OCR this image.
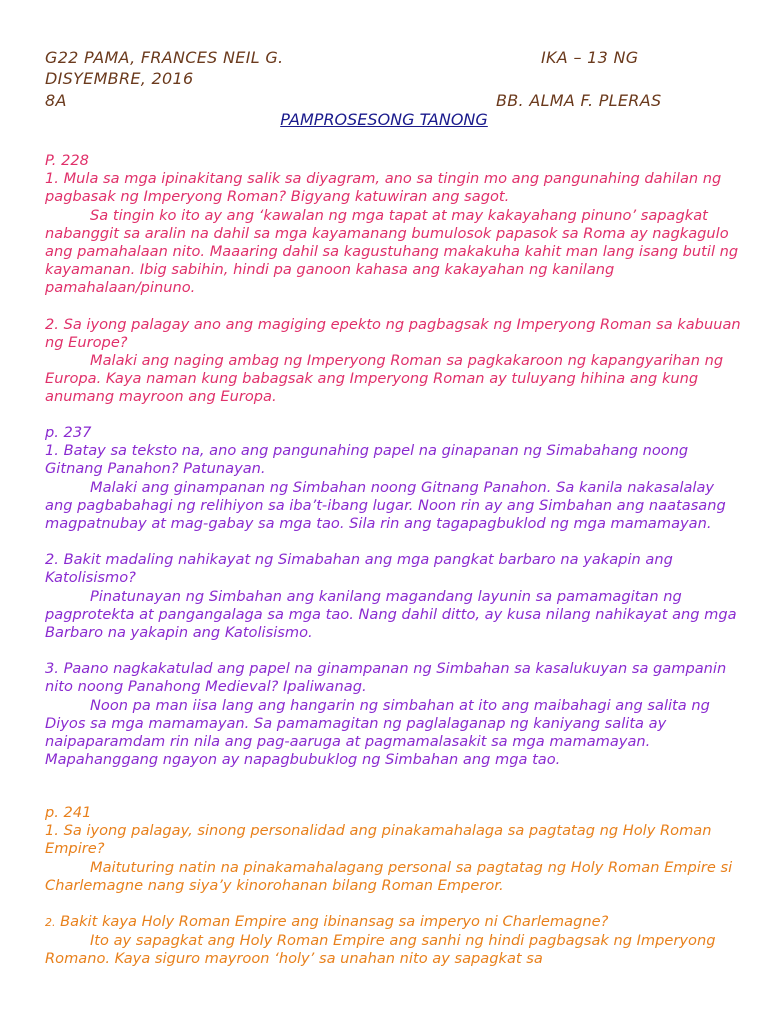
G22 PAMA, FRANCES NEIL G.	IKA – 13 NG
DISYEMBRE, 2016
8A	BB. ALMA F. PLERAS
PAMPROSESONG TANONG

P. 228

1. Mula sa mga ipinakitang salik sa diyagram, ano sa tingin mo ang pangunahing dahilan ng pagbasak ng Imperyong Roman? Bigyang katuwiran ang sagot.

Sa tingin ko ito ay ang ‘kawalan ng mga tapat at may kakayahang pinuno’ sapagkat nabanggit sa aralin na dahil sa mga kayamanang bumulosok papasok sa Roma ay nagkagulo ang pamahalaan nito. Maaaring dahil sa kagustuhang makakuha kahit man lang isang butil ng kayamanan. Ibig sabihin, hindi pa ganoon kahasa ang kakayahan ng kanilang pamahalaan/pinuno.

2. Sa iyong palagay ano ang magiging epekto ng pagbagsak ng Imperyong Roman sa kabuuan ng Europe?

Malaki ang naging ambag ng Imperyong Roman sa pagkakaroon ng kapangyarihan ng Europa. Kaya naman kung babagsak ang Imperyong Roman ay tuluyang hihina ang kung anumang mayroon ang Europa.

p. 237

1. Batay sa teksto na, ano ang pangunahing papel na ginapanan ng Simabahang noong Gitnang Panahon? Patunayan.

Malaki ang ginampanan ng Simbahan noong Gitnang Panahon. Sa kanila nakasalalay ang pagbabahagi ng relihiyon sa iba’t-ibang lugar. Noon rin ay ang Simbahan ang naatasang magpatnubay at mag-gabay sa mga tao. Sila rin ang tagapagbuklod ng mga mamamayan.

2. Bakit madaling nahikayat ng Simabahan ang mga pangkat barbaro na yakapin ang Katolisismo?

Pinatunayan ng Simbahan ang kanilang magandang layunin sa pamamagitan ng pagprotekta at pangangalaga sa mga tao. Nang dahil ditto, ay kusa nilang nahikayat ang mga Barbaro na yakapin ang Katolisismo.

3. Paano nagkakatulad ang papel na ginampanan ng Simbahan sa kasalukuyan sa gampanin nito noong Panahong Medieval? Ipaliwanag.

Noon pa man iisa lang ang hangarin ng simbahan at ito ang maibahagi ang salita ng Diyos sa mga mamamayan. Sa pamamagitan ng paglalaganap ng kaniyang salita ay naipaparamdam rin nila ang pag-aaruga at pagmamalasakit sa mga mamamayan. Mapahanggang ngayon ay napagbubuklog ng Simbahan ang mga tao.

p. 241

1. Sa iyong palagay, sinong personalidad ang pinakamahalaga sa pagtatag ng Holy Roman Empire?

Maituturing natin na pinakamahalagang personal sa pagtatag ng Holy Roman Empire si Charlemagne nang siya’y kinorohanan bilang Roman Emperor.

2. Bakit kaya Holy Roman Empire ang ibinansag sa imperyo ni Charlemagne?

Ito ay sapagkat ang Holy Roman Empire ang sanhi ng hindi pagbagsak ng Imperyong Romano. Kaya siguro mayroon ‘holy’ sa unahan nito ay sapagkat sa
